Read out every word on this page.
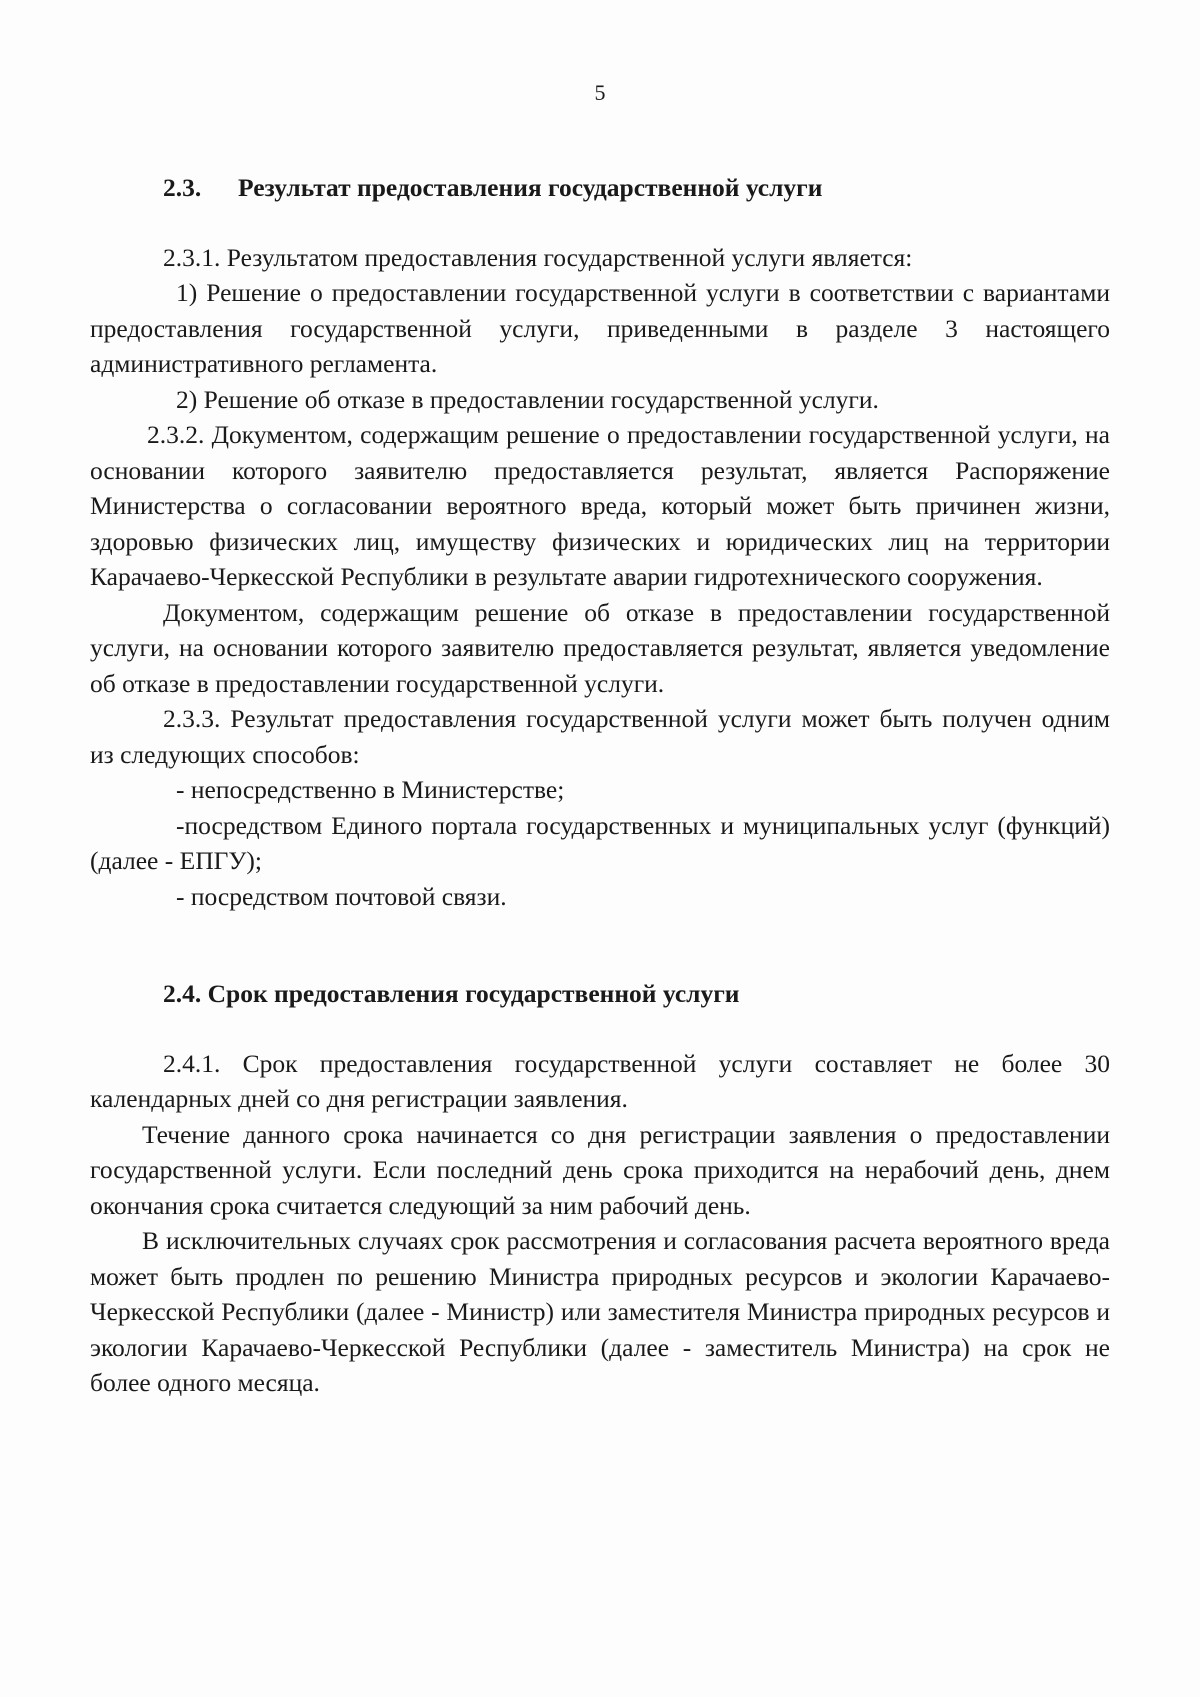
5
2.3. Результат предоставления государственной услуги

2.3.1. Результатом предоставления государственной услуги является:

1) Решение о предоставлении государственной услуги в соответствии с вариантами предоставления государственной услуги, приведенными в разделе 3 настоящего административного регламента.

2) Решение об отказе в предоставлении государственной услуги.

2.3.2. Документом, содержащим решение о предоставлении государственной услуги, на основании которого заявителю предоставляется результат, является Распоряжение Министерства о согласовании вероятного вреда, который может быть причинен жизни, здоровью физических лиц, имуществу физических и юридических лиц на территории Карачаево-Черкесской Республики в результате аварии гидротехнического сооружения.

Документом, содержащим решение об отказе в предоставлении государственной услуги, на основании которого заявителю предоставляется результат, является уведомление об отказе в предоставлении государственной услуги.

2.3.3. Результат предоставления государственной услуги может быть получен одним из следующих способов:

- непосредственно в Министерстве;

-посредством Единого портала государственных и муниципальных услуг (функций) (далее - ЕПГУ);

- посредством почтовой связи.

2.4. Срок предоставления государственной услуги

2.4.1. Срок предоставления государственной услуги составляет не более 30 календарных дней со дня регистрации заявления.

Течение данного срока начинается со дня регистрации заявления о предоставлении государственной услуги. Если последний день срока приходится на нерабочий день, днем окончания срока считается следующий за ним рабочий день.

В исключительных случаях срок рассмотрения и согласования расчета вероятного вреда может быть продлен по решению Министра природных ресурсов и экологии Карачаево-Черкесской Республики (далее - Министр) или заместителя Министра природных ресурсов и экологии Карачаево-Черкесской Республики (далее - заместитель Министра) на срок не более одного месяца.
